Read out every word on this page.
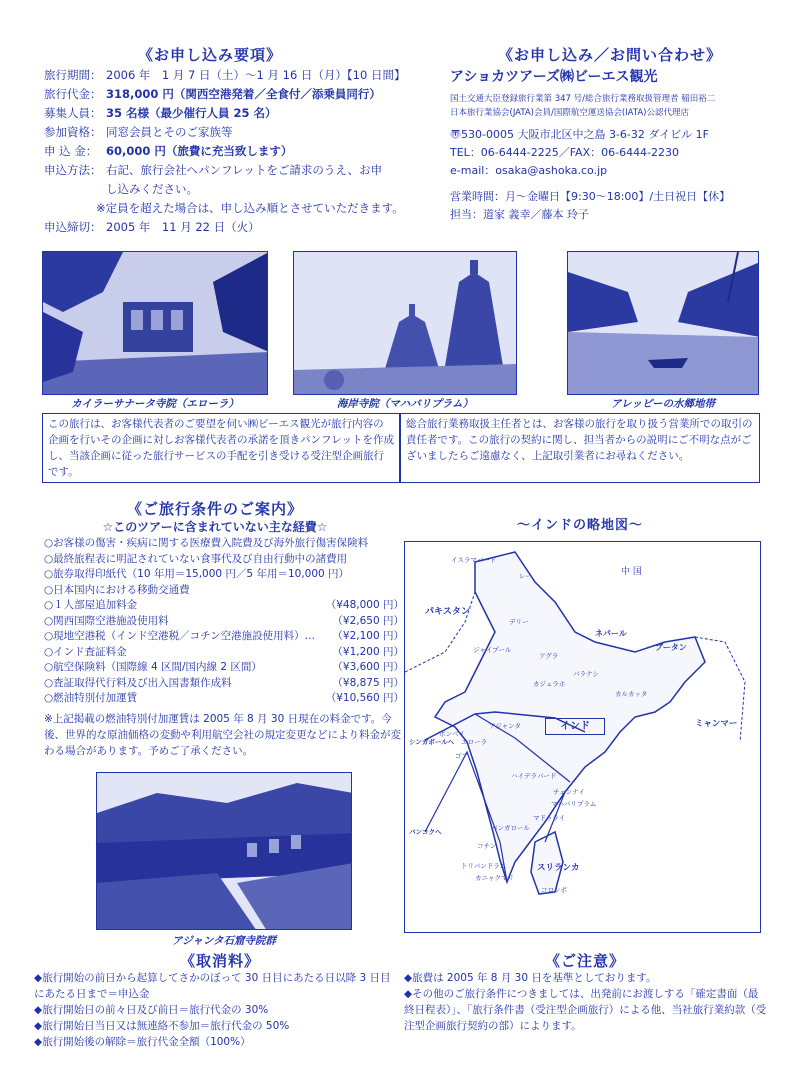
《お申し込み要項》
旅行期間： 2006 年　1 月 7 日（土）～1 月 16 日（月）【10 日間】
旅行代金： 318,000 円（関西空港発着／全食付／添乗員同行）
募集人員： 35 名様（最少催行人員 25 名）
参加資格： 同窓会員とそのご家族等
申 込 金： 60,000 円（旅費に充当致します）
申込方法： 右記、旅行会社へパンフレットをご請求のうえ、お申
し込みください。
※定員を超えた場合は、申し込み順とさせていただきます。
申込締切： 2005 年　11 月 22 日（火）
《お申し込み／お問い合わせ》
アショカツアーズ㈱ビーエス観光
国土交通大臣登録旅行業第 347 号/総合旅行業務取扱管理者 稲田裕二
日本旅行業協会(JATA)会員/国際航空運送協会(IATA)公認代理店
〠530-0005 大阪市北区中之島 3-6-32 ダイビル 1F
TEL：06-6444-2225／FAX：06-6444-2230
e-mail：osaka@ashoka.co.jp
営業時間：月～金曜日【9:30～18:00】/土日祝日【休】
担当：道家 義幸／藤本 玲子
カイラーサナータ寺院（エローラ）	海岸寺院（マハバリプラム）	アレッピーの水郷地帯
この旅行は、お客様代表者のご要望を伺い㈱ビーエス観光が旅行内容の企画を行いその企画に対しお客様代表者の承諾を頂きパンフレットを作成し、当該企画に従った旅行サービスの手配を引き受ける受注型企画旅行です。
総合旅行業務取扱主任者とは、お客様の旅行を取り扱う営業所での取引の責任者です。この旅行の契約に関し、担当者からの説明にご不明な点がございましたらご遠慮なく、上記取引業者にお尋ねください。
《ご旅行条件のご案内》
☆このツアーに含まれていない主な経費☆
○お客様の傷害・疾病に関する医療費入院費及び海外旅行傷害保険料
○最終旅程表に明記されていない食事代及び自由行動中の諸費用
○旅券取得印紙代（10 年用＝15,000 円／5 年用＝10,000 円）
○日本国内における移動交通費
○１人部屋追加料金	（¥48,000 円）
○関西国際空港施設使用料	（¥2,650 円）
○現地空港税（インド空港税／コチン空港施設使用料）… （¥2,100 円）
○インド査証料金	（¥1,200 円）
○航空保険料（国際線 4 区間/国内線 2 区間）	（¥3,600 円）
○査証取得代行料及び出入国書類作成料	（¥8,875 円）
○燃油特別付加運賃	（¥10,560 円）
※上記掲載の燃油特別付加運賃は 2005 年 8 月 30 日現在の料金です。今後、世界的な原油価格の変動や利用航空会社の規定変更などにより料金が変わる場合があります。予めご了承ください。
アジャンタ石窟寺院群
～インドの略地図～
パキスタン
中 国
ネパール
ブータン
ミャンマー
インド
スリランカ
イスラマバード
レー
ジャイプール
デリー
アグラ
カジュラホ
バラナシ
カルカッタ
ボンベイ
エローラ
アジャンタ
ハイデラバード
チェンナイ
マハバリプラム
バンガロール
マドゥライ
コチン
トリバンドラム
カニャクマリ
コロンボ
ゴア
シンガポールへ
バンコクへ
《取消料》
◆旅行開始の前日から起算してさかのぼって 30 日目にあたる日以降 3 日目にあたる日まで＝申込金
◆旅行開始日の前々日及び前日＝旅行代金の 30%
◆旅行開始日当日又は無連絡不参加＝旅行代金の 50%
◆旅行開始後の解除＝旅行代金全額（100%）
《ご注意》
◆旅費は 2005 年 8 月 30 日を基準としております。
◆その他のご旅行条件につきましては、出発前にお渡しする「確定書面（最終日程表）」、「旅行条件書（受注型企画旅行）による他、当社旅行業約款（受注型企画旅行契約の部）によります。
